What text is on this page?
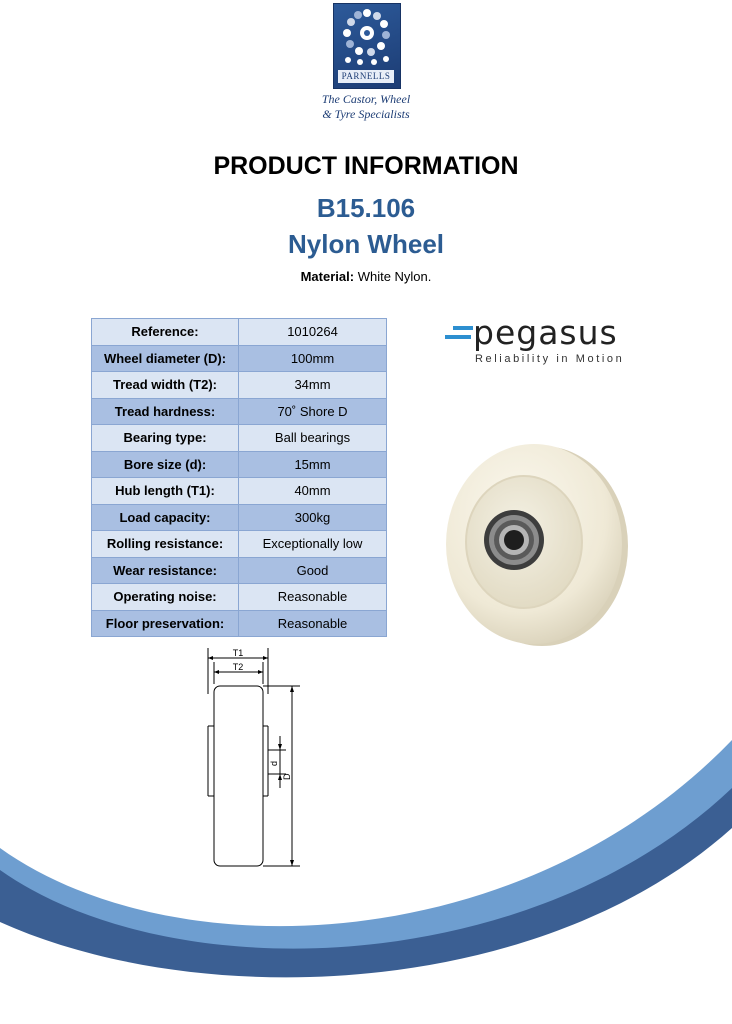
PARNELLS
The Castor, Wheel
& Tyre Specialists
PRODUCT INFORMATION
B15.106
Nylon Wheel
Material: White Nylon.
Reference:	1010264
Wheel diameter (D):	100mm
Tread width (T2):	34mm
Tread hardness:	70˚ Shore D
Bearing type:	Ball bearings
Bore size (d):	15mm
Hub length (T1):	40mm
Load capacity:	300kg
Rolling resistance:	Exceptionally low
Wear resistance:	Good
Operating noise:	Reasonable
Floor preservation:	Reasonable
pegasus
Reliability in Motion
T1
T2
d
D
